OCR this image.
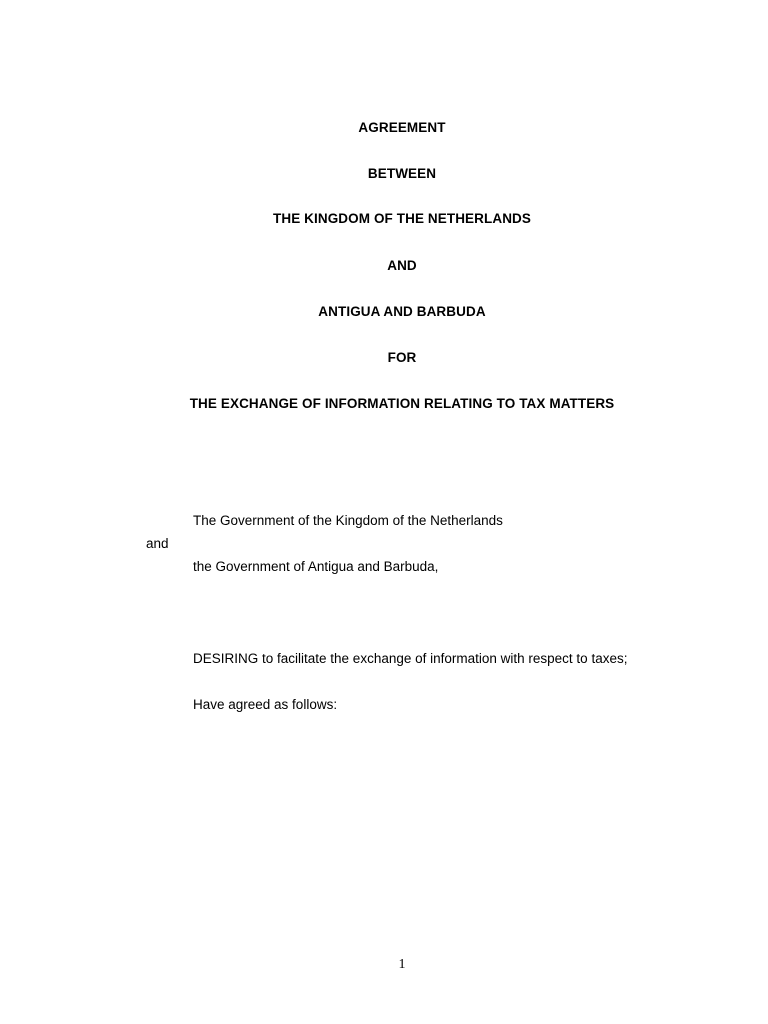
AGREEMENT
BETWEEN
THE KINGDOM OF THE NETHERLANDS
AND
ANTIGUA AND BARBUDA
FOR
THE EXCHANGE OF INFORMATION RELATING TO TAX MATTERS
The Government of the Kingdom of the Netherlands
and
the Government of Antigua and Barbuda,
DESIRING to facilitate the exchange of information with respect to taxes;
Have agreed as follows:
1
